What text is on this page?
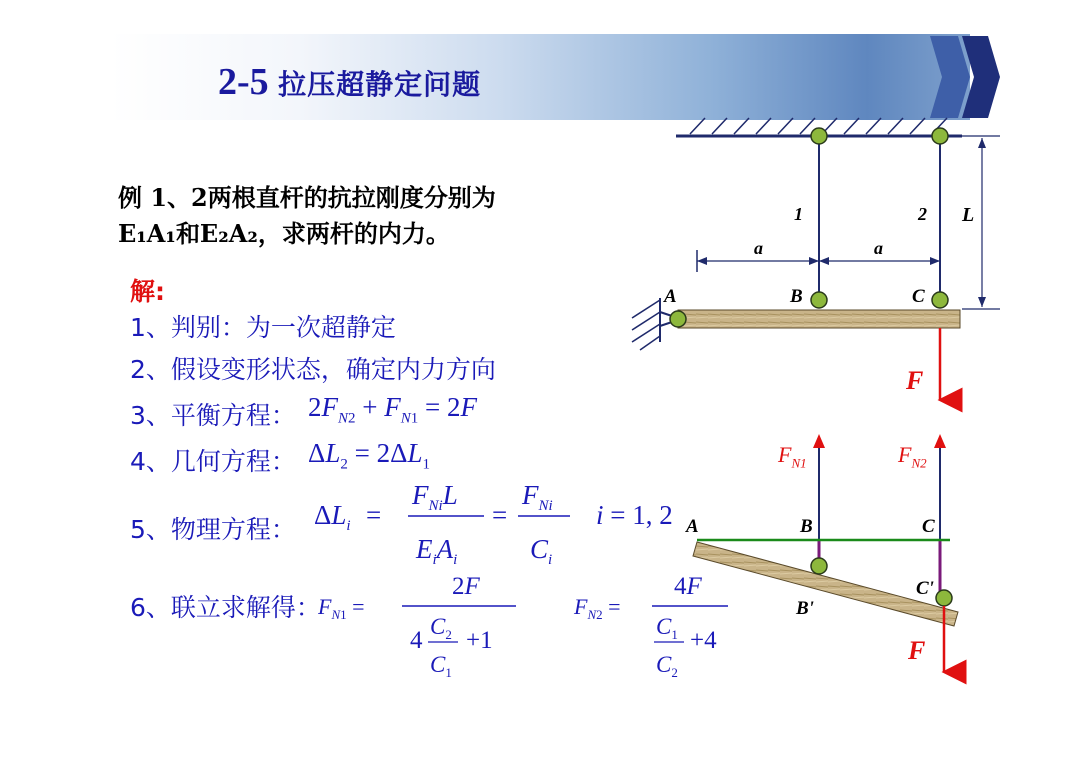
2-5 拉压超静定问题
例 1、2两根直杆的抗拉刚度分别为
E₁A₁和E₂A₂，求两杆的内力。
解:
1、判别：为一次超静定
2、假设变形状态，确定内力方向
3、平衡方程： $2F_{N2} + F_{N1} = 2F$
4、几何方程： $\Delta L_2 = 2\Delta L_1$
5、物理方程： $\Delta L_i$ =
$F_{Ni}L$
$E_iA_i$
=
$F_{Ni}$
$C_i$
i = 1, 2
6、联立求解得：
$F_N1$ =
2F
4
$C_2$
$C_1$
+1
$F_N2$ =
4F
$C_1$
$C_2$
+4
1	2 L
a	a
A	B	C
F
$F_{N1}$	$F_{N2}$
A	B	C
B'
C'
F
